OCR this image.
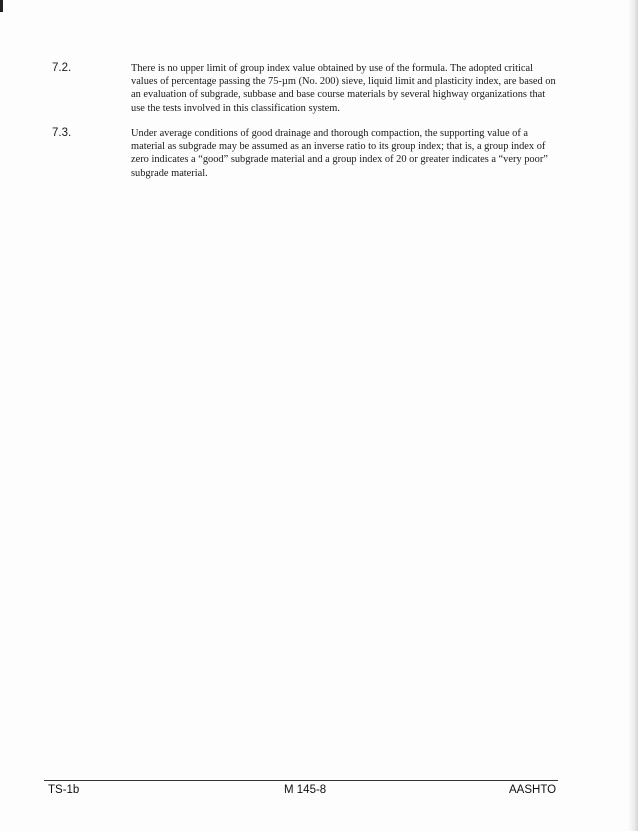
7.2.	There is no upper limit of group index value obtained by use of the formula. The adopted critical values of percentage passing the 75-µm (No. 200) sieve, liquid limit and plasticity index, are based on an evaluation of subgrade, subbase and base course materials by several highway organizations that use the tests involved in this classification system.
7.3.	Under average conditions of good drainage and thorough compaction, the supporting value of a material as subgrade may be assumed as an inverse ratio to its group index; that is, a group index of zero indicates a “good” subgrade material and a group index of 20 or greater indicates a “very poor” subgrade material.
TS-1b	M 145-8	AASHTO
